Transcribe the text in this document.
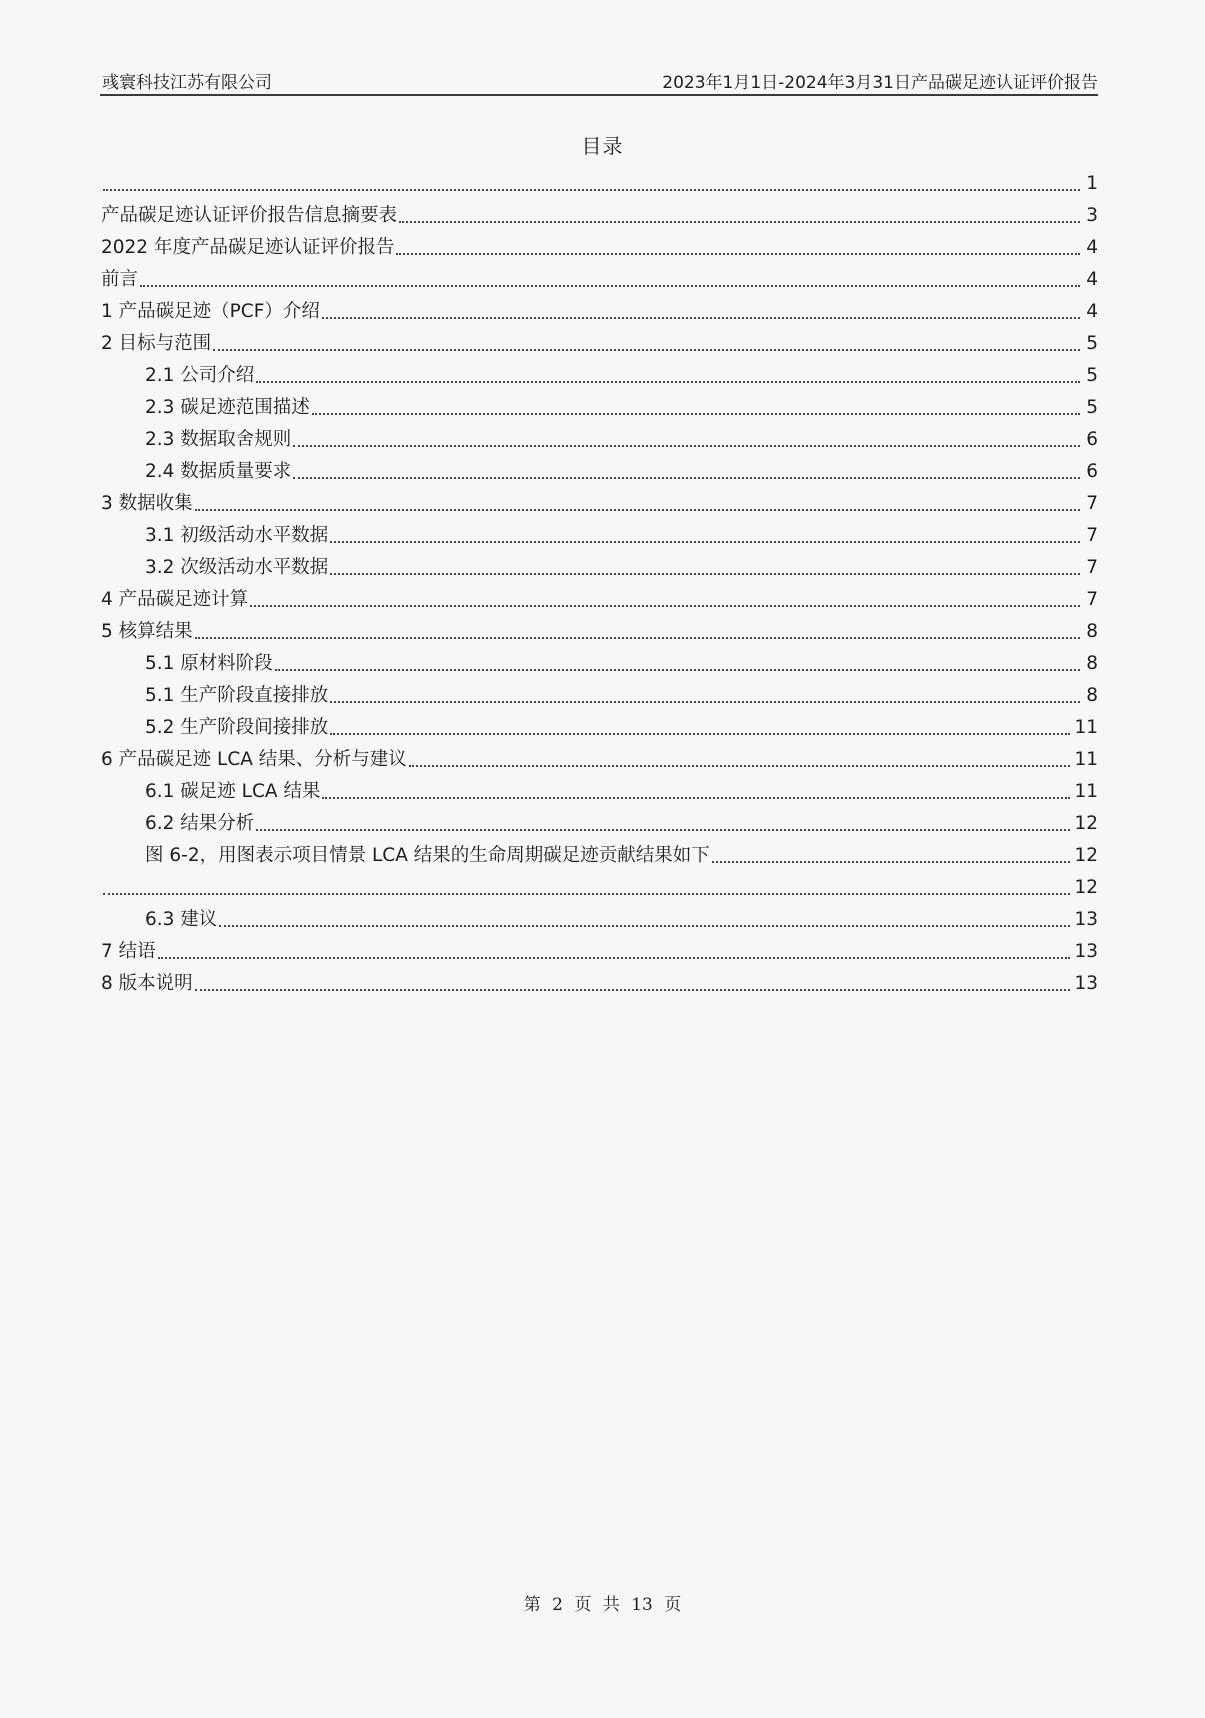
彧寰科技江苏有限公司	2023年1月1日-2024年3月31日产品碳足迹认证评价报告
目录
1
产品碳足迹认证评价报告信息摘要表	3
2022 年度产品碳足迹认证评价报告	4
前言	4
1 产品碳足迹（PCF）介绍	4
2 目标与范围	5
2.1 公司介绍	5
2.3 碳足迹范围描述	5
2.3 数据取舍规则	6
2.4 数据质量要求	6
3 数据收集	7
3.1 初级活动水平数据	7
3.2 次级活动水平数据	7
4 产品碳足迹计算	7
5 核算结果	8
5.1 原材料阶段	8
5.1 生产阶段直接排放	8
5.2 生产阶段间接排放	11
6 产品碳足迹 LCA 结果、分析与建议	11
6.1 碳足迹 LCA 结果	11
6.2 结果分析	12
图 6-2，用图表示项目情景 LCA 结果的生命周期碳足迹贡献结果如下	12
12
6.3 建议	13
7 结语	13
8 版本说明	13
第 2 页 共 13 页
